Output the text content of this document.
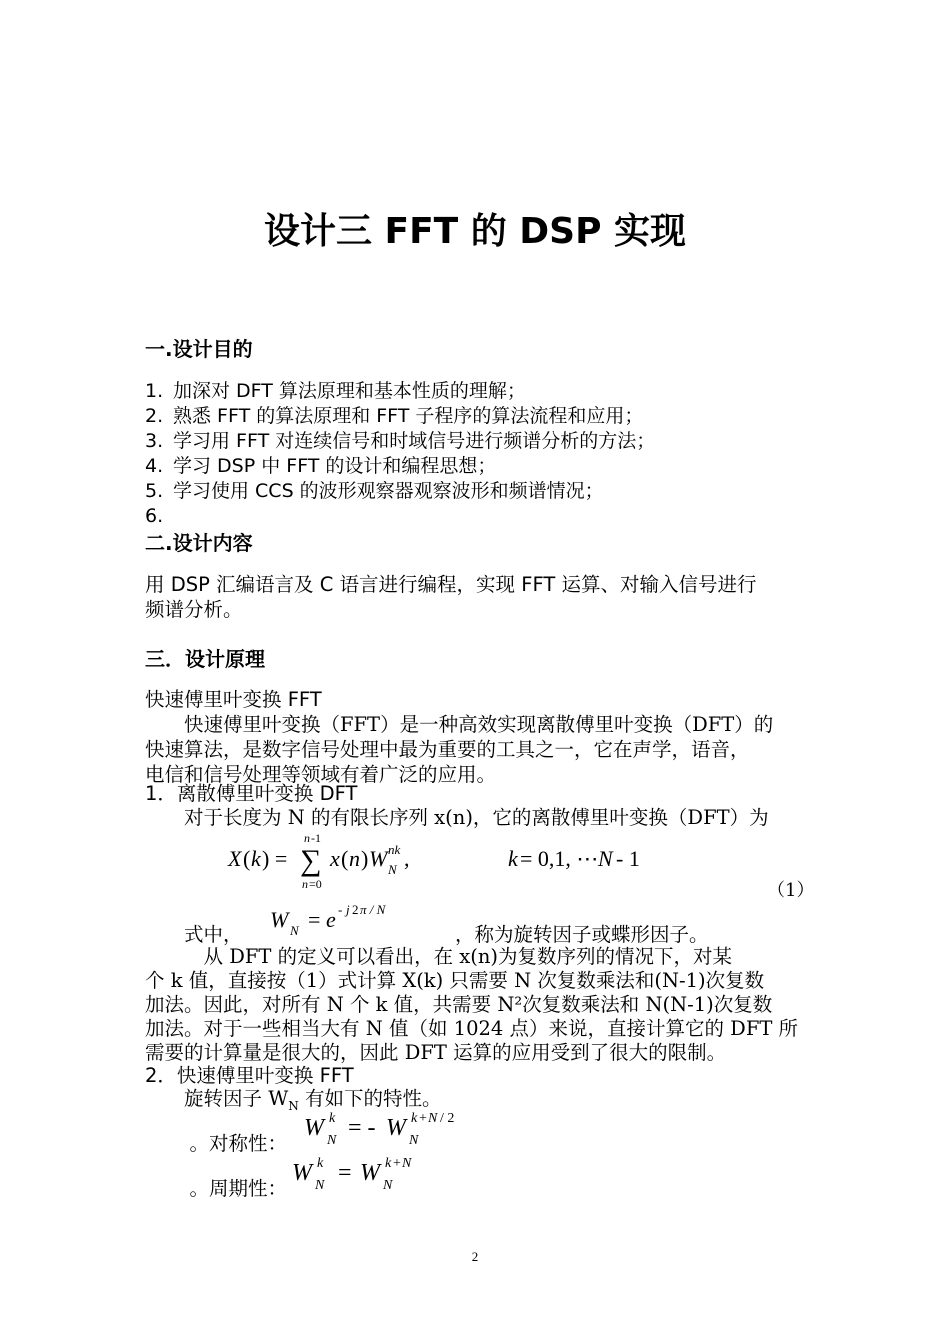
设计三 FFT 的 DSP 实现
一.设计目的
1. 加深对 DFT 算法原理和基本性质的理解；
2. 熟悉 FFT 的算法原理和 FFT 子程序的算法流程和应用；
3. 学习用 FFT 对连续信号和时域信号进行频谱分析的方法；
4. 学习 DSP 中 FFT 的设计和编程思想；
5. 学习使用 CCS 的波形观察器观察波形和频谱情况；
6.
二.设计内容
用 DSP 汇编语言及 C 语言进行编程，实现 FFT 运算、对输入信号进行
频谱分析。
三．设计原理
快速傅里叶变换 FFT
　　快速傅里叶变换（FFT）是一种高效实现离散傅里叶变换（DFT）的
快速算法，是数字信号处理中最为重要的工具之一，它在声学，语音，
电信和信号处理等领域有着广泛的应用。
1．离散傅里叶变换 DFT
　　对于长度为 N 的有限长序列 x(n)，它的离散傅里叶变换（DFT）为
X ( k ) = ∑
n -1
n =0
x ( n ) W N
nk ,	k = 0,1, ⋯ N - 1
（1）
　　式中，
W N = e - j 2 π / N
，称为旋转因子或蝶形因子。
　　　从 DFT 的定义可以看出，在 x(n)为复数序列的情况下，对某
个 k 值，直接按（1）式计算 X(k) 只需要 N 次复数乘法和(N-1)次复数
加法。因此，对所有 N 个 k 值，共需要 N²次复数乘法和 N(N-1)次复数
加法。对于一些相当大有 N 值（如 1024 点）来说，直接计算它的 DFT 所
需要的计算量是很大的，因此 DFT 运算的应用受到了很大的限制。
2．快速傅里叶变换 FFT
　　旋转因子 $W_N$ 有如下的特性。
　。对称性：
W N
k = - W N
k + N / 2
　。周期性：
W N
k = W N
k + N
2
